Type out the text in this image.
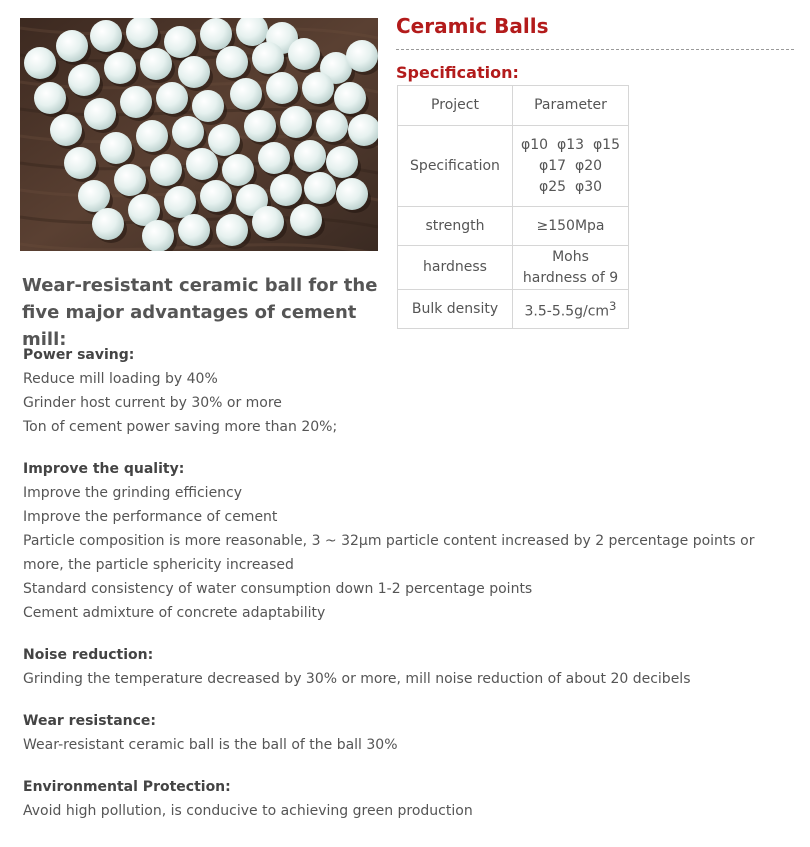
Ceramic Balls
Specification:
Project	Parameter
Specification	φ10 φ13 φ15
φ17 φ20
φ25 φ30
strength	≥150Mpa
hardness	Mohs hardness of 9
Bulk density	$3.5-5.5g/cm^3$
Wear-resistant ceramic ball for the five major advantages of cement mill:
Power saving:
Reduce mill loading by 40%
Grinder host current by 30% or more
Ton of cement power saving more than 20%;
Improve the quality:
Improve the grinding efficiency
Improve the performance of cement
Particle composition is more reasonable, 3 ~ 32μm particle content increased by 2 percentage points or more, the particle sphericity increased
Standard consistency of water consumption down 1-2 percentage points
Cement admixture of concrete adaptability
Noise reduction:
Grinding the temperature decreased by 30% or more, mill noise reduction of about 20 decibels
Wear resistance:
Wear-resistant ceramic ball is the ball of the ball 30%
Environmental Protection:
Avoid high pollution, is conducive to achieving green production
